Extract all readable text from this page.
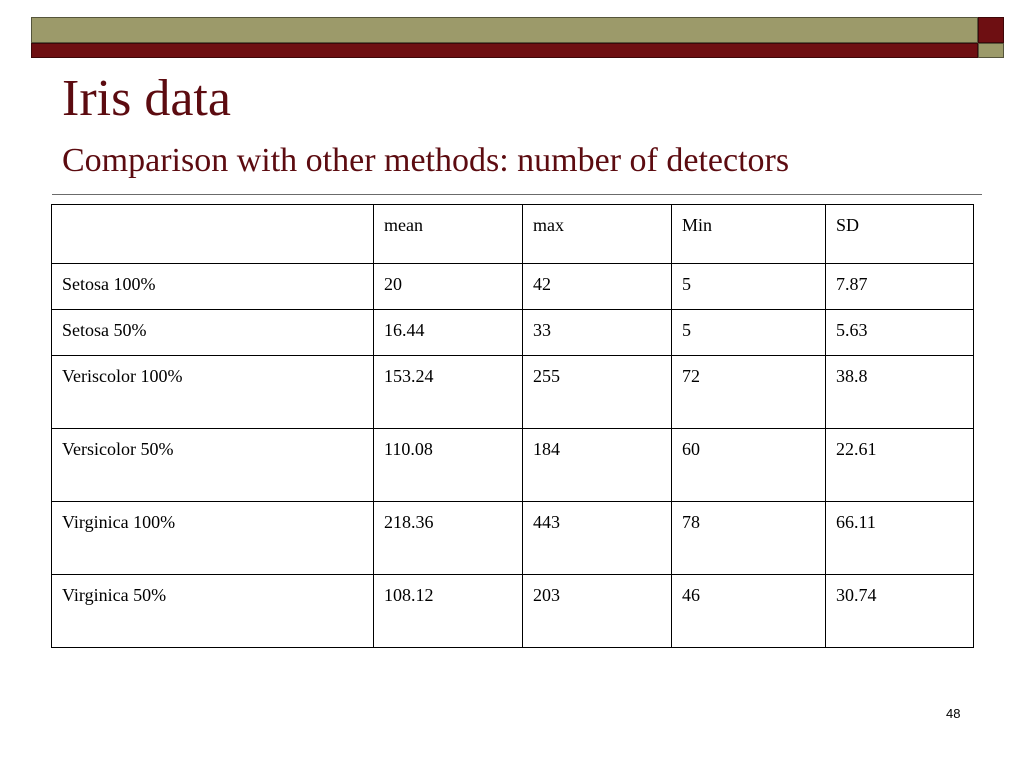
Iris data
Comparison with other methods: number of detectors
	mean	max	Min	SD
Setosa 100%	20	42	5	7.87
Setosa 50%	16.44	33	5	5.63
Veriscolor 100%	153.24	255	72	38.8
Versicolor 50%	110.08	184	60	22.61
Virginica 100%	218.36	443	78	66.11
Virginica 50%	108.12	203	46	30.74
48
